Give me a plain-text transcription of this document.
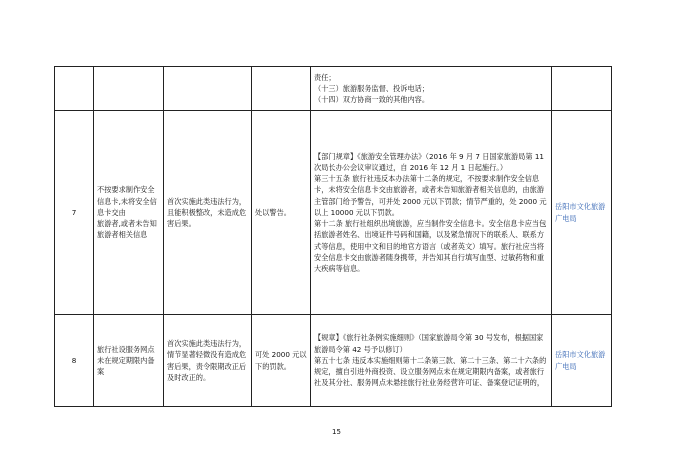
				责任；
（十三）旅游服务监督、投诉电话；
（十四）双方协商一致的其他内容。	

7	不按要求制作安全信息卡,未将安全信息卡交由
旅游者,或者未告知旅游者相关信息	首次实施此类违法行为，且能积极整改，未造成危害后果。	处以警告。	【部门规章】《旅游安全管理办法》（2016 年 9 月 7 日国家旅游局第 11 次局长办公会议审议通过，自 2016 年 12 月 1 日起施行。）
第三十五条 旅行社违反本办法第十二条的规定，不按要求制作安全信息卡，未将安全信息卡交由旅游者，或者未告知旅游者相关信息的，由旅游主管部门给予警告，可并处 2000 元以下罚款；情节严重的，处 2000 元以上 10000 元以下罚款。
第十二条 旅行社组织出境旅游，应当制作安全信息卡。安全信息卡应当包括旅游者姓名、出境证件号码和国籍，以及紧急情况下的联系人、联系方式等信息，使用中文和目的地官方语言（或者英文）填写。旅行社应当将安全信息卡交由旅游者随身携带，并告知其自行填写血型、过敏药物和重大疾病等信息。	岳阳市文化旅游广电局
8	旅行社设服务网点未在规定期限内备案	首次实施此类违法行为，情节显著轻微没有造成危害后果，责令限期改正后及时改正的。	可处 2000 元以下的罚款。	【规章】《旅行社条例实施细则》（国家旅游局令第 30 号发布，根据国家旅游局令第 42 号予以修订）
第五十七条 违反本实施细则第十二条第三款、第二十三条、第二十六条的规定，擅自引进外商投资、设立服务网点未在规定期限内备案，或者旅行社及其分社、服务网点未悬挂旅行社业务经营许可证、备案登记证明的，	岳阳市文化旅游广电局
15
